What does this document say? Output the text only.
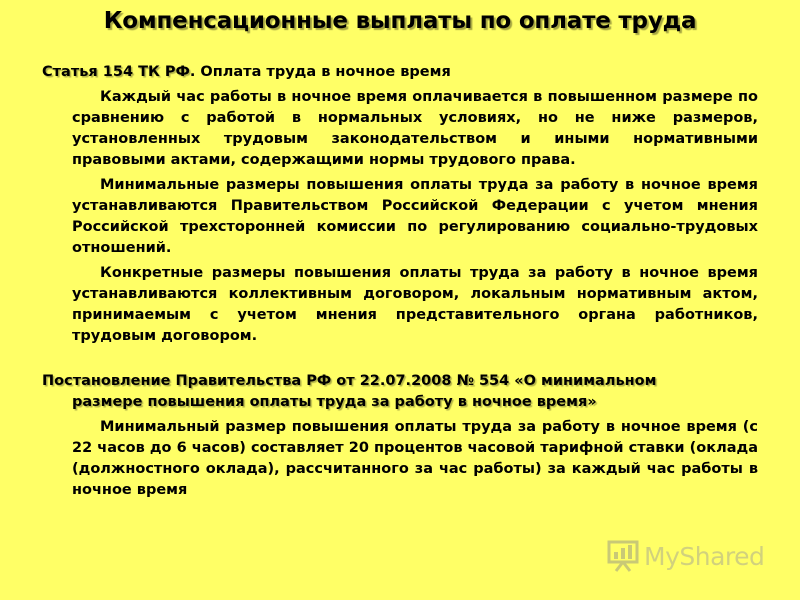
Компенсационные выплаты по оплате труда

Статья 154 ТК РФ. Оплата труда в ночное время

Каждый час работы в ночное время оплачивается в повышенном размере по сравнению с работой в нормальных условиях, но не ниже размеров, установленных трудовым законодательством и иными нормативными правовыми актами, содержащими нормы трудового права.

Минимальные размеры повышения оплаты труда за работу в ночное время устанавливаются Правительством Российской Федерации с учетом мнения Российской трехсторонней комиссии по регулированию социально-трудовых отношений.

Конкретные размеры повышения оплаты труда за работу в ночное время устанавливаются коллективным договором, локальным нормативным актом, принимаемым с учетом мнения представительного органа работников, трудовым договором.

Постановление Правительства РФ от 22.07.2008 № 554 «О минимальном
размере повышения оплаты труда за работу в ночное время»

Минимальный размер повышения оплаты труда за работу в ночное время (с 22 часов до 6 часов) составляет 20 процентов часовой тарифной ставки (оклада (должностного оклада), рассчитанного за час работы) за каждый час работы в ночное время

MyShared
